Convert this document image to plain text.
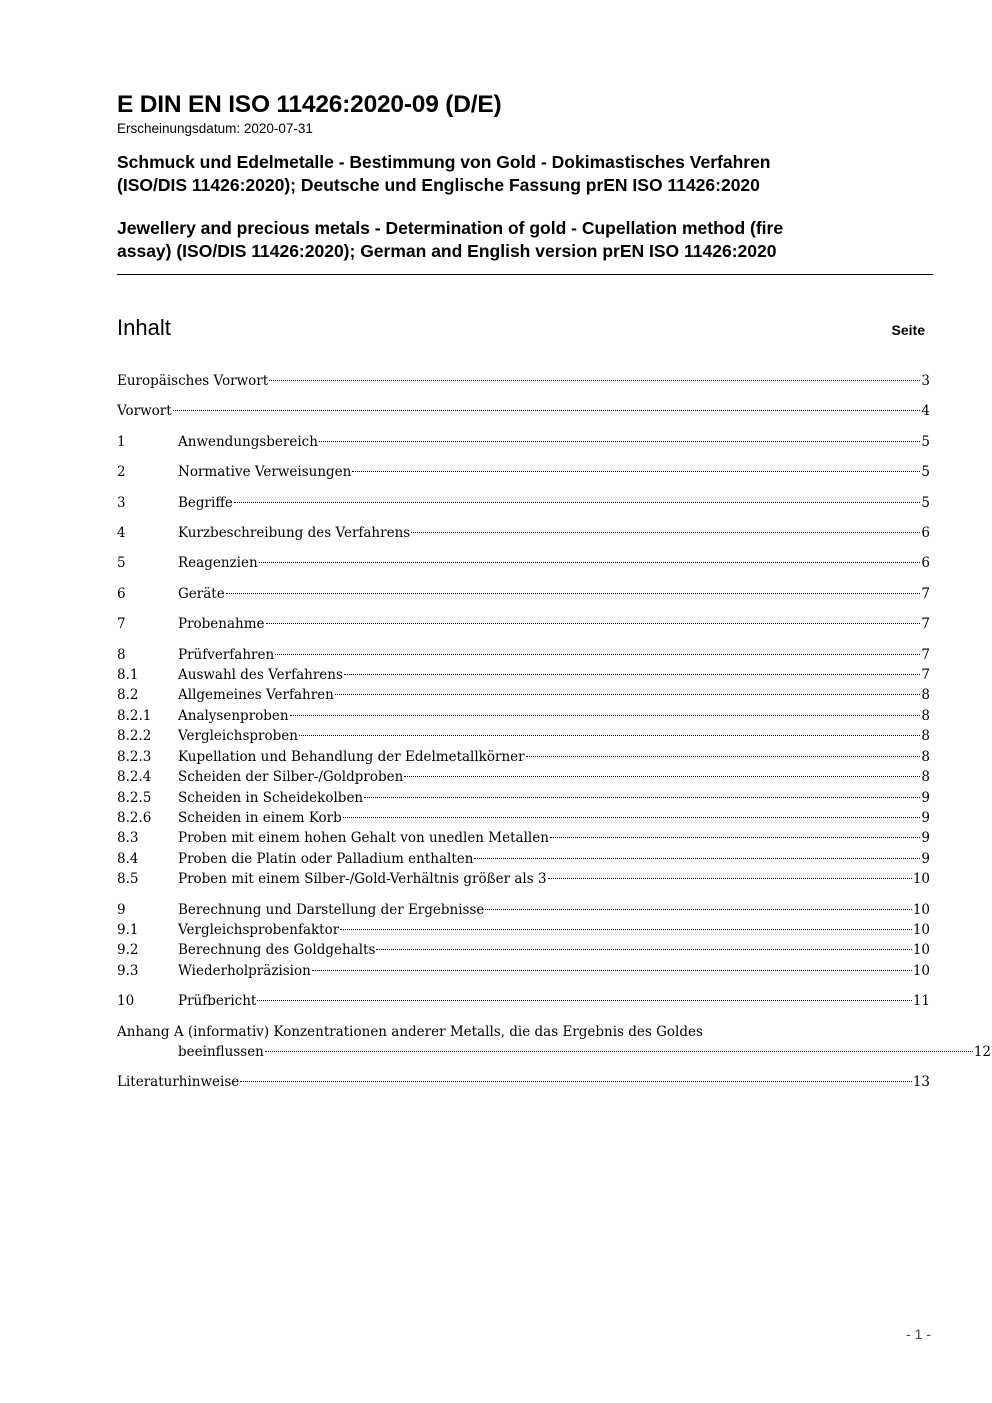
E DIN EN ISO 11426:2020-09 (D/E)

Erscheinungsdatum: 2020-07-31

Schmuck und Edelmetalle - Bestimmung von Gold - Dokimastisches Verfahren
(ISO/DIS 11426:2020); Deutsche und Englische Fassung prEN ISO 11426:2020

Jewellery and precious metals - Determination of gold - Cupellation method (fire
assay) (ISO/DIS 11426:2020); German and English version prEN ISO 11426:2020

Inhalt	Seite
Europäisches Vorwort	3
Vorwort	4
1	Anwendungsbereich	5
2	Normative Verweisungen	5
3	Begriffe	5
4	Kurzbeschreibung des Verfahrens	6
5	Reagenzien	6
6	Geräte	7
7	Probenahme	7
8	Prüfverfahren	7
8.1	Auswahl des Verfahrens	7
8.2	Allgemeines Verfahren	8
8.2.1	Analysenproben	8
8.2.2	Vergleichsproben	8
8.2.3	Kupellation und Behandlung der Edelmetallkörner	8
8.2.4	Scheiden der Silber-/Goldproben	8
8.2.5	Scheiden in Scheidekolben	9
8.2.6	Scheiden in einem Korb	9
8.3	Proben mit einem hohen Gehalt von unedlen Metallen	9
8.4	Proben die Platin oder Palladium enthalten	9
8.5	Proben mit einem Silber-/Gold-Verhältnis größer als 3	10
9	Berechnung und Darstellung der Ergebnisse	10
9.1	Vergleichsprobenfaktor	10
9.2	Berechnung des Goldgehalts	10
9.3	Wiederholpräzision	10
10	Prüfbericht	11
Anhang A (informativ) Konzentrationen anderer Metalls, die das Ergebnis des Goldes
beeinflussen	12
Literaturhinweise	13
- 1 -
